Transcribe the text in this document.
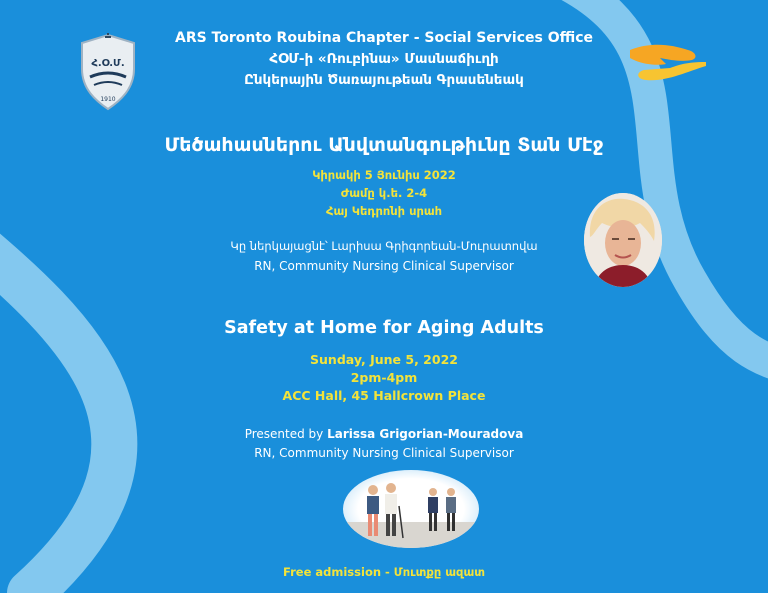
Հ.Օ.Մ.
1910
ARS Toronto Roubina Chapter - Social Services Office
ՀՕՄ-ի «Ռուբինա» Մասնաճիւղի
Ընկերային Ծառայութեան Գրասենեակ
Մեծահասներու Անվտանգութիւնը Տան Մէջ
Կիրակի 5 Յունիս 2022
Ժամը կ.ե. 2-4
Հայ Կեդրոնի սրահ
Կը ներկայացնէ՝ Լարիսա Գրիգորեան-Մուրատովա
RN, Community Nursing Clinical Supervisor
Safety at Home for Aging Adults
Sunday, June 5, 2022
2pm-4pm
ACC Hall, 45 Hallcrown Place
Presented by Larissa Grigorian-Mouradova
RN, Community Nursing Clinical Supervisor
Free admission - Մուտքը ազատ
